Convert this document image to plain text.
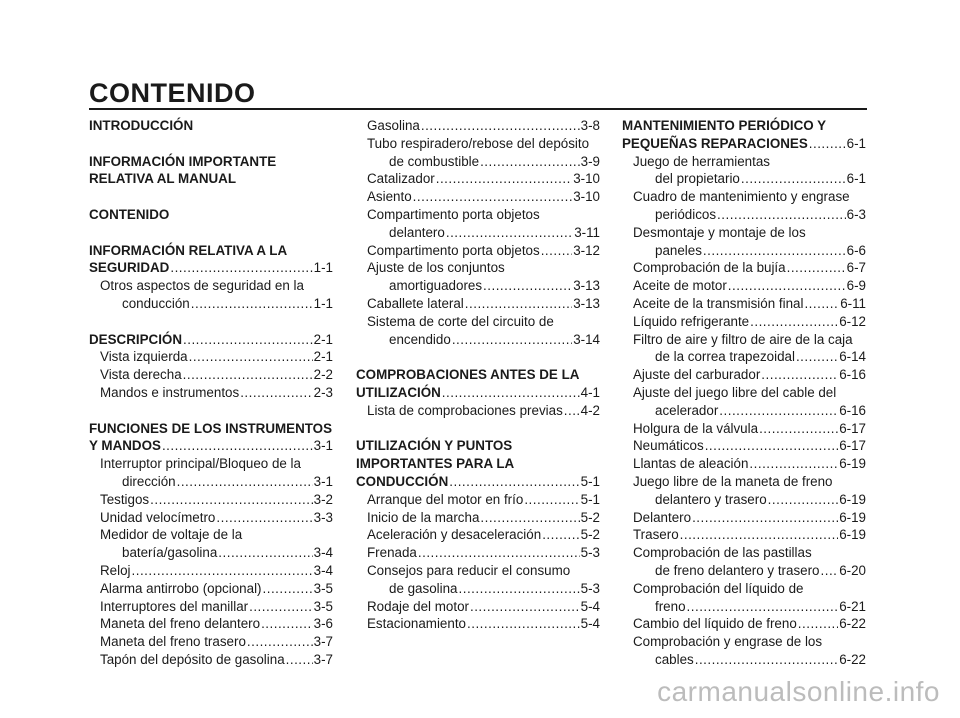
CONTENIDO
INTRODUCCIÓN
INFORMACIÓN IMPORTANTE
RELATIVA AL MANUAL
CONTENIDO
INFORMACIÓN RELATIVA A LA
SEGURIDAD .....	1-1
Otros aspectos de seguridad en la
conducción .....	1-1
DESCRIPCIÓN .....	2-1
Vista izquierda .....	2-1
Vista derecha .....	2-2
Mandos e instrumentos .....	2-3
FUNCIONES DE LOS INSTRUMENTOS
Y MANDOS .....	3-1
Interruptor principal/Bloqueo de la
dirección .....	3-1
Testigos .....	3-2
Unidad velocímetro .....	3-3
Medidor de voltaje de la
batería/gasolina .....	3-4
Reloj .....	3-4
Alarma antirrobo (opcional) .....	3-5
Interruptores del manillar .....	3-5
Maneta del freno delantero .....	3-6
Maneta del freno trasero .....	3-7
Tapón del depósito de gasolina ..... 3-7
Gasolina .....	3-8
Tubo respiradero/rebose del depósito
de combustible .....	3-9
Catalizador .....	3-10
Asiento .....	3-10
Compartimento porta objetos
delantero .....	3-11
Compartimento porta objetos .....	3-12
Ajuste de los conjuntos
amortiguadores .....	3-13
Caballete lateral .....	3-13
Sistema de corte del circuito de
encendido .....	3-14
COMPROBACIONES ANTES DE LA
UTILIZACIÓN .....	4-1
Lista de comprobaciones previas ..... 4-2
UTILIZACIÓN Y PUNTOS
IMPORTANTES PARA LA
CONDUCCIÓN .....	5-1
Arranque del motor en frío .....	5-1
Inicio de la marcha .....	5-2
Aceleración y desaceleración .....	5-2
Frenada .....	5-3
Consejos para reducir el consumo
de gasolina .....	5-3
Rodaje del motor .....	5-4
Estacionamiento .....	5-4
MANTENIMIENTO PERIÓDICO Y
PEQUEÑAS REPARACIONES .....	6-1
Juego de herramientas
del propietario .....	6-1
Cuadro de mantenimiento y engrase
periódicos .....	6-3
Desmontaje y montaje de los
paneles .....	6-6
Comprobación de la bujía .....	6-7
Aceite de motor .....	6-9
Aceite de la transmisión final .....	6-11
Líquido refrigerante .....	6-12
Filtro de aire y filtro de aire de la caja
de la correa trapezoidal .....	6-14
Ajuste del carburador .....	6-16
Ajuste del juego libre del cable del
acelerador .....	6-16
Holgura de la válvula .....	6-17
Neumáticos .....	6-17
Llantas de aleación .....	6-19
Juego libre de la maneta de freno
delantero y trasero .....	6-19
Delantero .....	6-19
Trasero .....	6-19
Comprobación de las pastillas
de freno delantero y trasero ..... 6-20
Comprobación del líquido de
freno .....	6-21
Cambio del líquido de freno .....	6-22
Comprobación y engrase de los
cables .....	6-22
carmanualsonline.info
